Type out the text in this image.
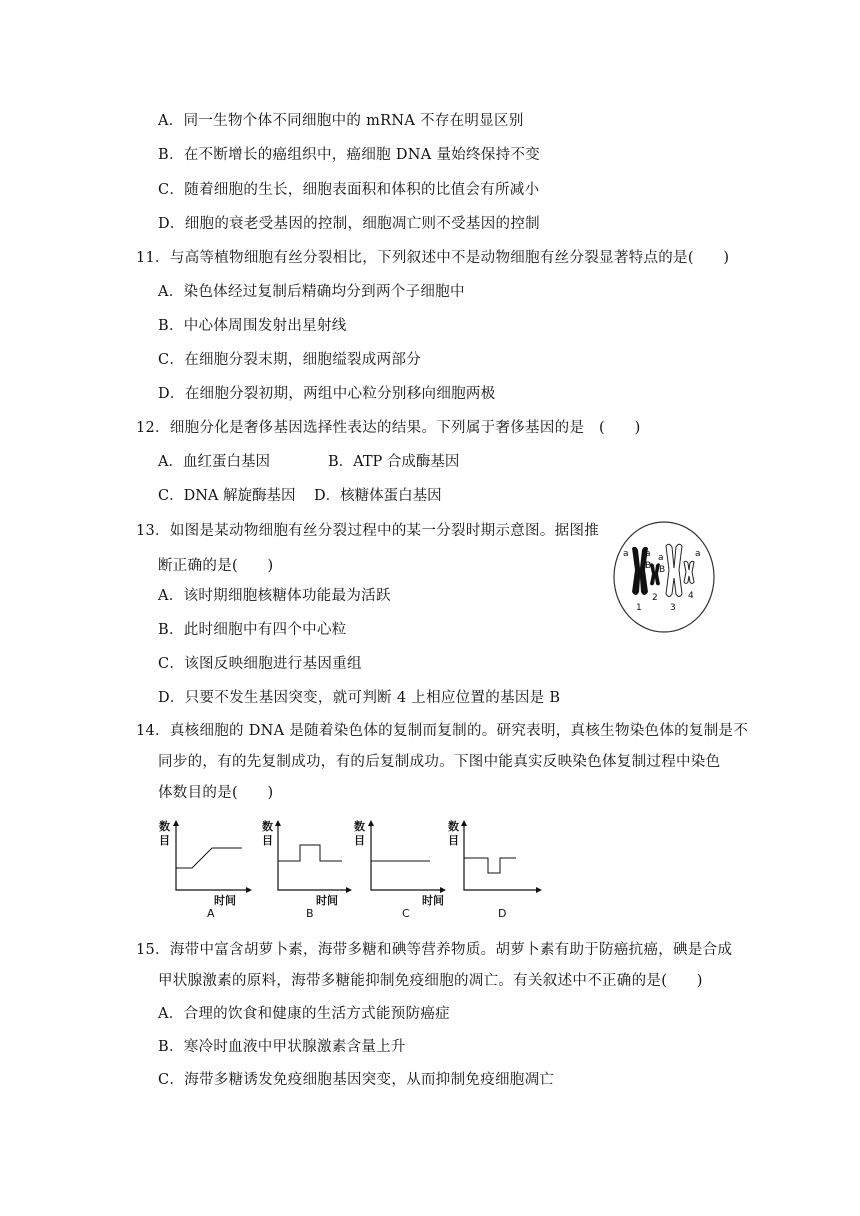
A．同一生物个体不同细胞中的 mRNA 不存在明显区别
B．在不断增长的癌组织中，癌细胞 DNA 量始终保持不变
C．随着细胞的生长，细胞表面积和体积的比值会有所减小
D．细胞的衰老受基因的控制，细胞凋亡则不受基因的控制
11．与高等植物细胞有丝分裂相比，下列叙述中不是动物细胞有丝分裂显著特点的是(　　)
A．染色体经过复制后精确均分到两个子细胞中
B．中心体周围发射出星射线
C．在细胞分裂末期，细胞缢裂成两部分
D．在细胞分裂初期，两组中心粒分别移向细胞两极
12．细胞分化是奢侈基因选择性表达的结果。下列属于奢侈基因的是　(　　)
A．血红蛋白基因	B．ATP 合成酶基因
C．DNA 解旋酶基因 D．核糖体蛋白基因
13．如图是某动物细胞有丝分裂过程中的某一分裂时期示意图。据图推
断正确的是(　　)
A．该时期细胞核糖体功能最为活跃
B．此时细胞中有四个中心粒
C．该图反映细胞进行基因重组
D．只要不发生基因突变，就可判断 4 上相应位置的基因是 B
a a
B
a	a
B
1
2
3
4
14．真核细胞的 DNA 是随着染色体的复制而复制的。研究表明，真核生物染色体的复制是不
同步的，有的先复制成功，有的后复制成功。下图中能真实反映染色体复制过程中染色
体数目的是(　　)
数
目
时间
A
数
目
时间
B
数
目
时间
C
数
目
D
15．海带中富含胡萝卜素，海带多糖和碘等营养物质。胡萝卜素有助于防癌抗癌，碘是合成
甲状腺激素的原料，海带多糖能抑制免疫细胞的凋亡。有关叙述中不正确的是(　　)
A．合理的饮食和健康的生活方式能预防癌症
B．寒冷时血液中甲状腺激素含量上升
C．海带多糖诱发免疫细胞基因突变，从而抑制免疫细胞凋亡
